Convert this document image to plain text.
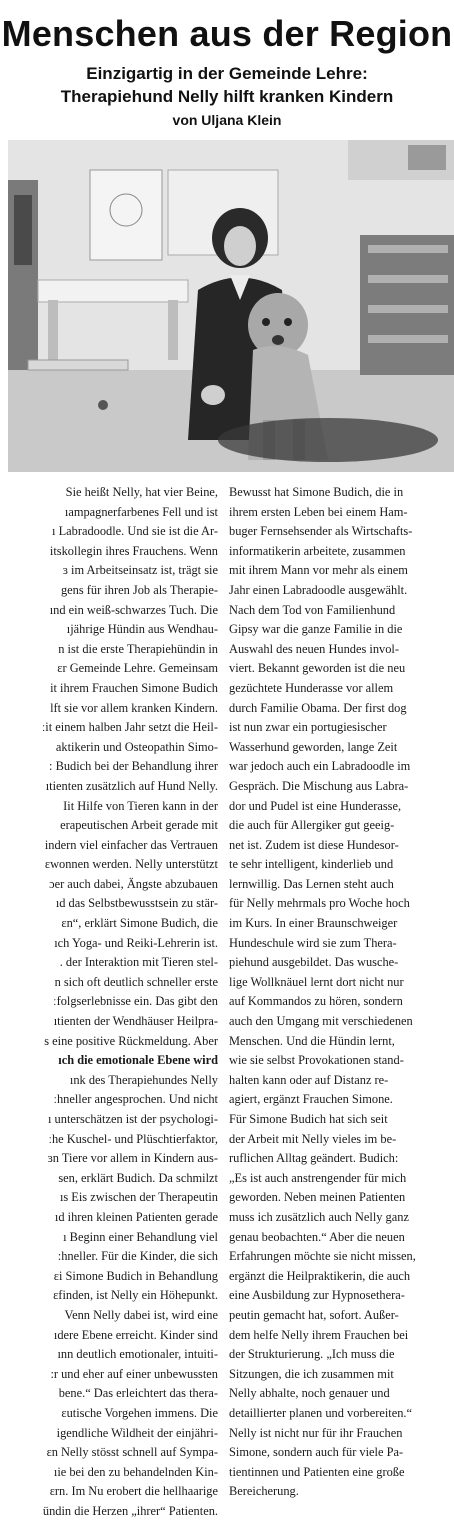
Menschen aus der Region
Einzigartig in der Gemeinde Lehre:
Therapiehund Nelly hilft kranken Kindern
von Uljana Klein
Sie heißt Nelly, hat vier Beine,
ıampagnerfarbenes Fell und ist
ı Labradoodle. Und sie ist die Ar-
itskollegin ihres Frauchens. Wenn
ɜ im Arbeitseinsatz ist, trägt sie
gens für ihren Job als Therapie-
ınd ein weiß-schwarzes Tuch. Die
ıjährige Hündin aus Wendhau-
n ist die erste Therapiehündin in
ɛr Gemeinde Lehre. Gemeinsam
it ihrem Frauchen Simone Budich
lft sie vor allem kranken Kindern.
ːit einem halben Jahr setzt die Heil-
aktikerin und Osteopathin Simo-
: Budich bei der Behandlung ihrer
ıtienten zusätzlich auf Hund Nelly.
Iit Hilfe von Tieren kann in der
erapeutischen Arbeit gerade mit
indern viel einfacher das Vertrauen
ɛwonnen werden. Nelly unterstützt
ɔer auch dabei, Ängste abzubauen
ıd das Selbstbewusstsein zu stär-
ɛn“, erklärt Simone Budich, die
ıch Yoga- und Reiki-Lehrerin ist.
. der Interaktion mit Tieren stel-
n sich oft deutlich schneller erste
ːfolgserlebnisse ein. Das gibt den
ıtienten der Wendhäuser Heilpra-
s eine positive Rückmeldung. Aber
ıch die emotionale Ebene wird
ınk des Therapiehundes Nelly
ːhneller angesprochen. Und nicht
ı unterschätzen ist der psychologi-
ːhe Kuschel- und Plüschtierfaktor,
ɜn Tiere vor allem in Kindern aus-
sen, erklärt Budich. Da schmilzt
ıs Eis zwischen der Therapeutin
ıd ihren kleinen Patienten gerade
ı Beginn einer Behandlung viel
:hneller. Für die Kinder, die sich
ɛi Simone Budich in Behandlung
ɛfinden, ist Nelly ein Höhepunkt.
Venn Nelly dabei ist, wird eine
ıdere Ebene erreicht. Kinder sind
ınn deutlich emotionaler, intuiti-
:r und eher auf einer unbewussten
bene.“ Das erleichtert das thera-
ɛutische Vorgehen immens. Die
igendliche Wildheit der einjähri-
ɛn Nelly stösst schnell auf Sympa-
ıie bei den zu behandelnden Kin-
ɛrn. Im Nu erobert die hellhaarige
ündin die Herzen „ihrer“ Patienten.
Bewusst hat Simone Budich, die in
ihrem ersten Leben bei einem Ham-
buger Fernsehsender als Wirtschafts-
informatikerin arbeitete, zusammen
mit ihrem Mann vor mehr als einem
Jahr einen Labradoodle ausgewählt.
Nach dem Tod von Familienhund
Gipsy war die ganze Familie in die
Auswahl des neuen Hundes invol-
viert. Bekannt geworden ist die neu
gezüchtete Hunderasse vor allem
durch Familie Obama. Der first dog
ist nun zwar ein portugiesischer
Wasserhund geworden, lange Zeit
war jedoch auch ein Labradoodle im
Gespräch. Die Mischung aus Labra-
dor und Pudel ist eine Hunderasse,
die auch für Allergiker gut geeig-
net ist. Zudem ist diese Hundesor-
te sehr intelligent, kinderlieb und
lernwillig. Das Lernen steht auch
für Nelly mehrmals pro Woche hoch
im Kurs. In einer Braunschweiger
Hundeschule wird sie zum Thera-
piehund ausgebildet. Das wusche-
lige Wollknäuel lernt dort nicht nur
auf Kommandos zu hören, sondern
auch den Umgang mit verschiedenen
Menschen. Und die Hündin lernt,
wie sie selbst Provokationen stand-
halten kann oder auf Distanz re-
agiert, ergänzt Frauchen Simone.
Für Simone Budich hat sich seit
der Arbeit mit Nelly vieles im be-
ruflichen Alltag geändert. Budich:
„Es ist auch anstrengender für mich
geworden. Neben meinen Patienten
muss ich zusätzlich auch Nelly ganz
genau beobachten.“ Aber die neuen
Erfahrungen möchte sie nicht missen,
ergänzt die Heilpraktikerin, die auch
eine Ausbildung zur Hypnosethera-
peutin gemacht hat, sofort. Außer-
dem helfe Nelly ihrem Frauchen bei
der Strukturierung. „Ich muss die
Sitzungen, die ich zusammen mit
Nelly abhalte, noch genauer und
detaillierter planen und vorbereiten.“
Nelly ist nicht nur für ihr Frauchen
Simone, sondern auch für viele Pa-
tientinnen und Patienten eine große
Bereicherung.
